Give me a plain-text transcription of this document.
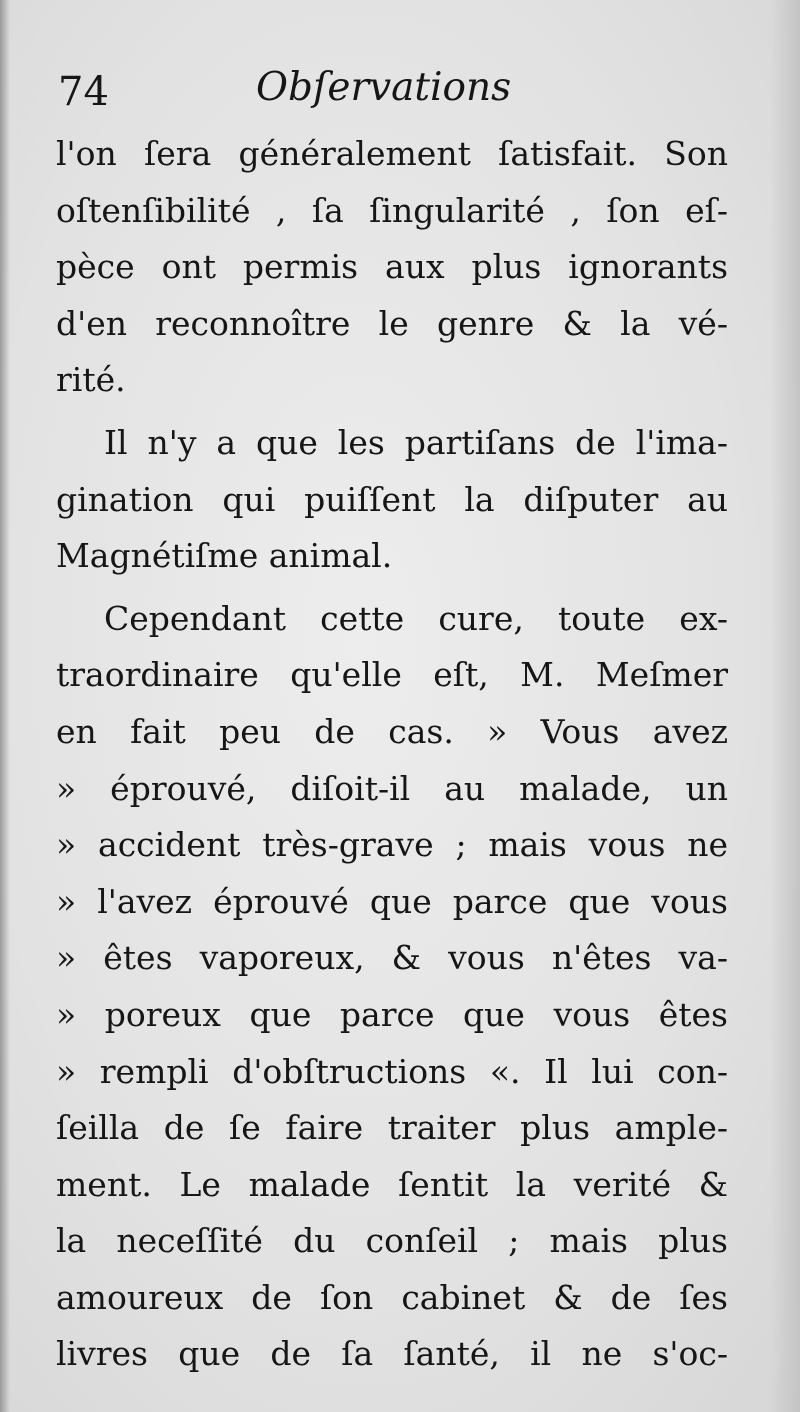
74	Obſervations
l'on ſera généralement ſatisfait. Son
oſtenſibilité , ſa ſingularité , ſon eſ-
pèce ont permis aux plus ignorants
d'en reconnoître le genre & la vé-
rité.
Il n'y a que les partiſans de l'ima-
gination qui puiſſent la diſputer au
Magnétiſme animal.
Cependant cette cure, toute ex-
traordinaire qu'elle eſt, M. Meſmer
en fait peu de cas. » Vous avez
» éprouvé, diſoit-il au malade, un
» accident très-grave ; mais vous ne
» l'avez éprouvé que parce que vous
» êtes vaporeux, & vous n'êtes va-
» poreux que parce que vous êtes
» rempli d'obſtructions «. Il lui con-
ſeilla de ſe faire traiter plus ample-
ment. Le malade ſentit la verité &
la neceſſité du conſeil ; mais plus
amoureux de ſon cabinet & de ſes
livres que de ſa ſanté, il ne s'oc-
